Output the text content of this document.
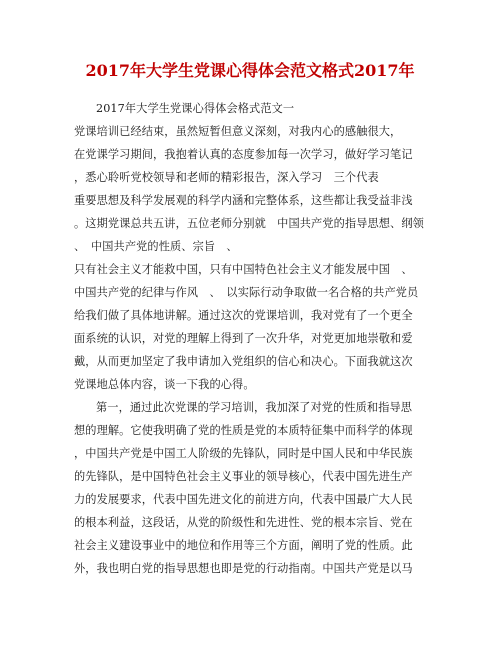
2017年大学生党课心得体会范文格式2017年
2017年大学生党课心得体会格式范文一
党课培训已经结束，虽然短暂但意义深刻，对我内心的感触很大，
在党课学习期间，我抱着认真的态度参加每一次学习，做好学习笔记
，悉心聆听党校领导和老师的精彩报告，深入学习　三个代表
重要思想及科学发展观的科学内涵和完整体系，这些都让我受益非浅
。这期党课总共五讲，五位老师分别就　中国共产党的指导思想、纲领
、　中国共产党的性质、宗旨　、
只有社会主义才能救中国，只有中国特色社会主义才能发展中国　、
中国共产党的纪律与作风　、　以实际行动争取做一名合格的共产党员
给我们做了具体地讲解。通过这次的党课培训，我对党有了一个更全
面系统的认识，对党的理解上得到了一次升华，对党更加地崇敬和爱
戴，从而更加坚定了我申请加入党组织的信心和决心。下面我就这次
党课地总体内容，谈一下我的心得。
第一，通过此次党课的学习培训，我加深了对党的性质和指导思
想的理解。它使我明确了党的性质是党的本质特征集中而科学的体现
，中国共产党是中国工人阶级的先锋队，同时是中国人民和中华民族
的先锋队，是中国特色社会主义事业的领导核心，代表中国先进生产
力的发展要求，代表中国先进文化的前进方向，代表中国最广大人民
的根本利益，这段话，从党的阶级性和先进性、党的根本宗旨、党在
社会主义建设事业中的地位和作用等三个方面，阐明了党的性质。此
外，我也明白党的指导思想也即是党的行动指南。中国共产党是以马
